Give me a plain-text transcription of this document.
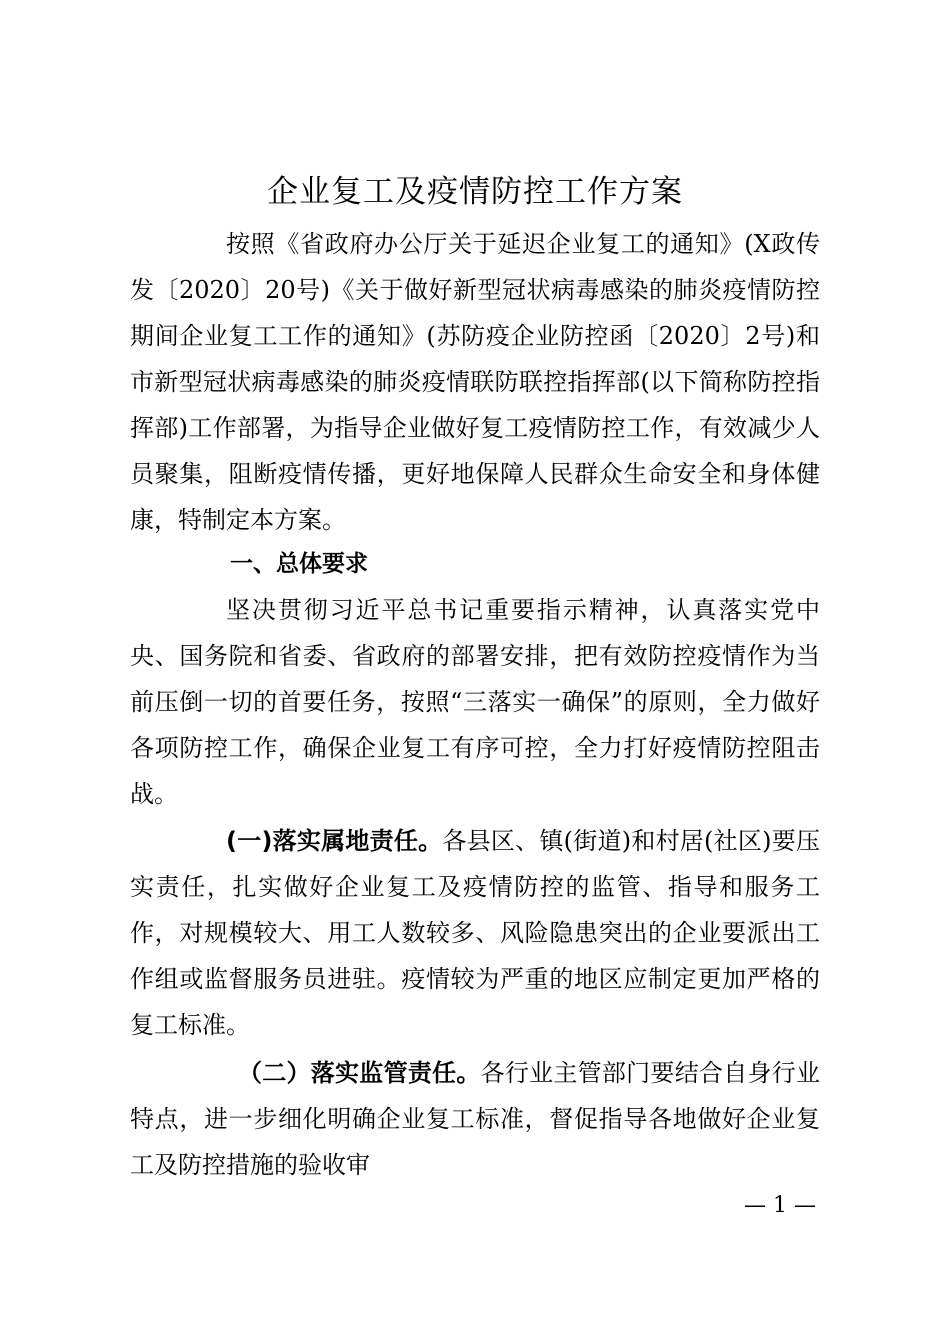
企业复工及疫情防控工作方案

按照《省政府办公厅关于延迟企业复工的通知》(X政传发〔2020〕20号)《关于做好新型冠状病毒感染的肺炎疫情防控期间企业复工工作的通知》(苏防疫企业防控函〔2020〕2号)和市新型冠状病毒感染的肺炎疫情联防联控指挥部(以下简称防控指挥部)工作部署，为指导企业做好复工疫情防控工作，有效减少人员聚集，阻断疫情传播，更好地保障人民群众生命安全和身体健康，特制定本方案。

一、总体要求

坚决贯彻习近平总书记重要指示精神，认真落实党中央、国务院和省委、省政府的部署安排，把有效防控疫情作为当前压倒一切的首要任务，按照“三落实一确保”的原则，全力做好各项防控工作，确保企业复工有序可控，全力打好疫情防控阻击战。

(一)落实属地责任。各县区、镇(街道)和村居(社区)要压实责任，扎实做好企业复工及疫情防控的监管、指导和服务工作，对规模较大、用工人数较多、风险隐患突出的企业要派出工作组或监督服务员进驻。疫情较为严重的地区应制定更加严格的复工标准。

（二）落实监管责任。各行业主管部门要结合自身行业特点，进一步细化明确企业复工标准，督促指导各地做好企业复工及防控措施的验收审

— 1 —
